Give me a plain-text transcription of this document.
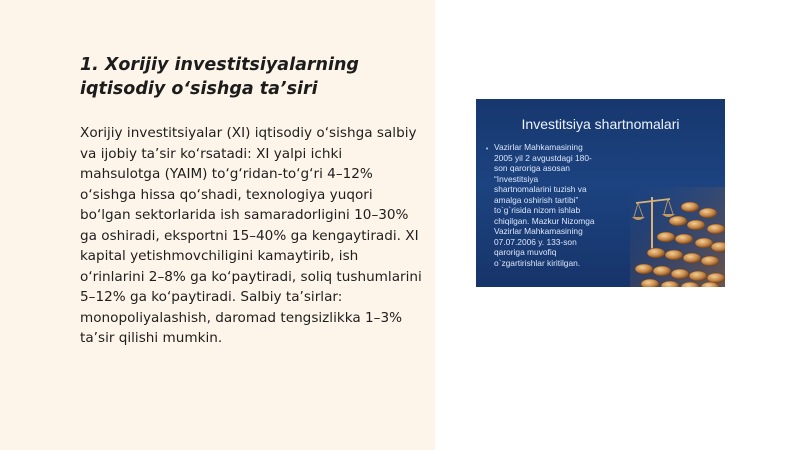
1. Xorijiy investitsiyalarning iqtisodiy o‘sishga ta’siri

Xorijiy investitsiyalar (XI) iqtisodiy o‘sishga salbiy va ijobiy ta’sir ko‘rsatadi: XI yalpi ichki mahsulotga (YAIM) to‘g‘ridan-to‘g‘ri 4–12% o‘sishga hissa qo‘shadi, texnologiya yuqori bo‘lgan sektorlarida ish samaradorligini 10–30% ga oshiradi, eksportni 15–40% ga kengaytiradi. XI kapital yetishmovchiligini kamaytirib, ish o‘rinlarini 2–8% ga ko‘paytiradi, soliq tushumlarini 5–12% ga ko‘paytiradi. Salbiy ta’sirlar: monopoliyalashish, daromad tengsizlikka 1–3% ta’sir qilishi mumkin.

Investitsiya shartnomalari
• Vazirlar Mahkamasining
2005 yil 2 avgustdagi 180-
son qaroriga asosan
“Investitsiya
shartnomalarini tuzish va
amalga oshirish tartibi”
to`g`risida nizom ishlab
chiqilgan. Mazkur Nizomga
Vazirlar Mahkamasining
07.07.2006 y. 133-son
qaroriga muvofiq
o`zgartirishlar kiritilgan.
